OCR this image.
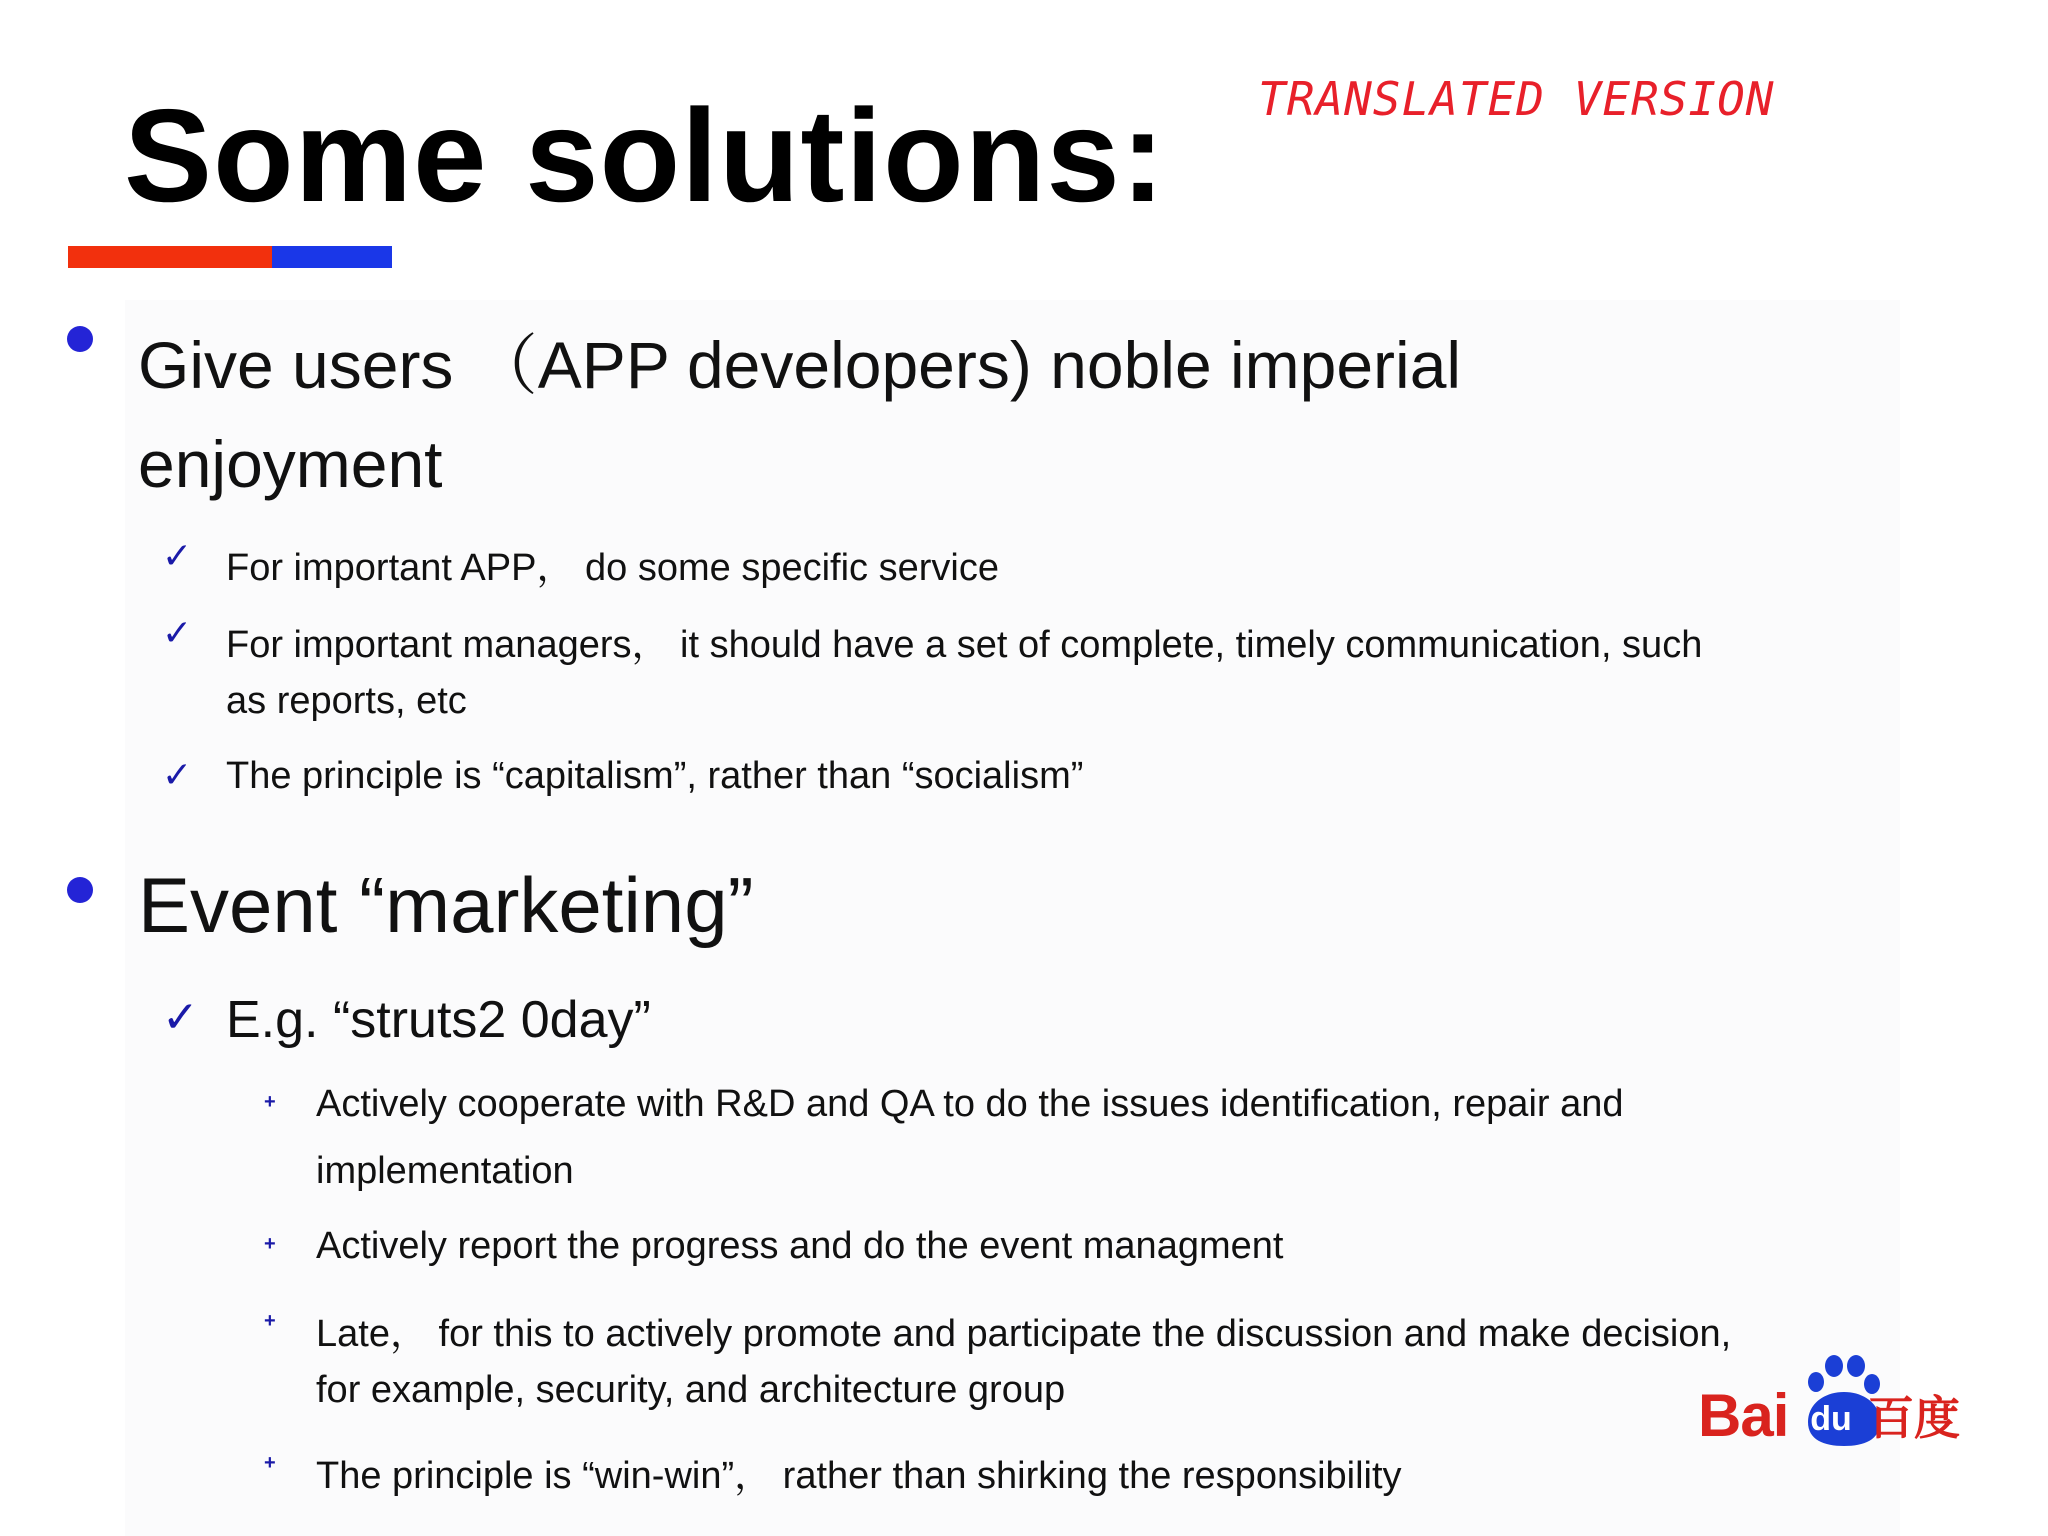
TRANSLATED VERSION
Some solutions:
Give users （APP developers) noble imperial
enjoyment
✓ For important APP， do some specific service
✓ For important managers， it should have a set of complete, timely communication, such
as reports, etc
✓ The principle is “capitalism”, rather than “socialism”
Event “marketing”
✓ E.g. “struts2 0day”
+ Actively cooperate with R&D and QA to do the issues identification, repair and
implementation
+ Actively report the progress and do the event managment
+ Late， for this to actively promote and participate the discussion and make decision,
for example, security, and architecture group
+ The principle is “win-win”， rather than shirking the responsibility
Bai du 百度
